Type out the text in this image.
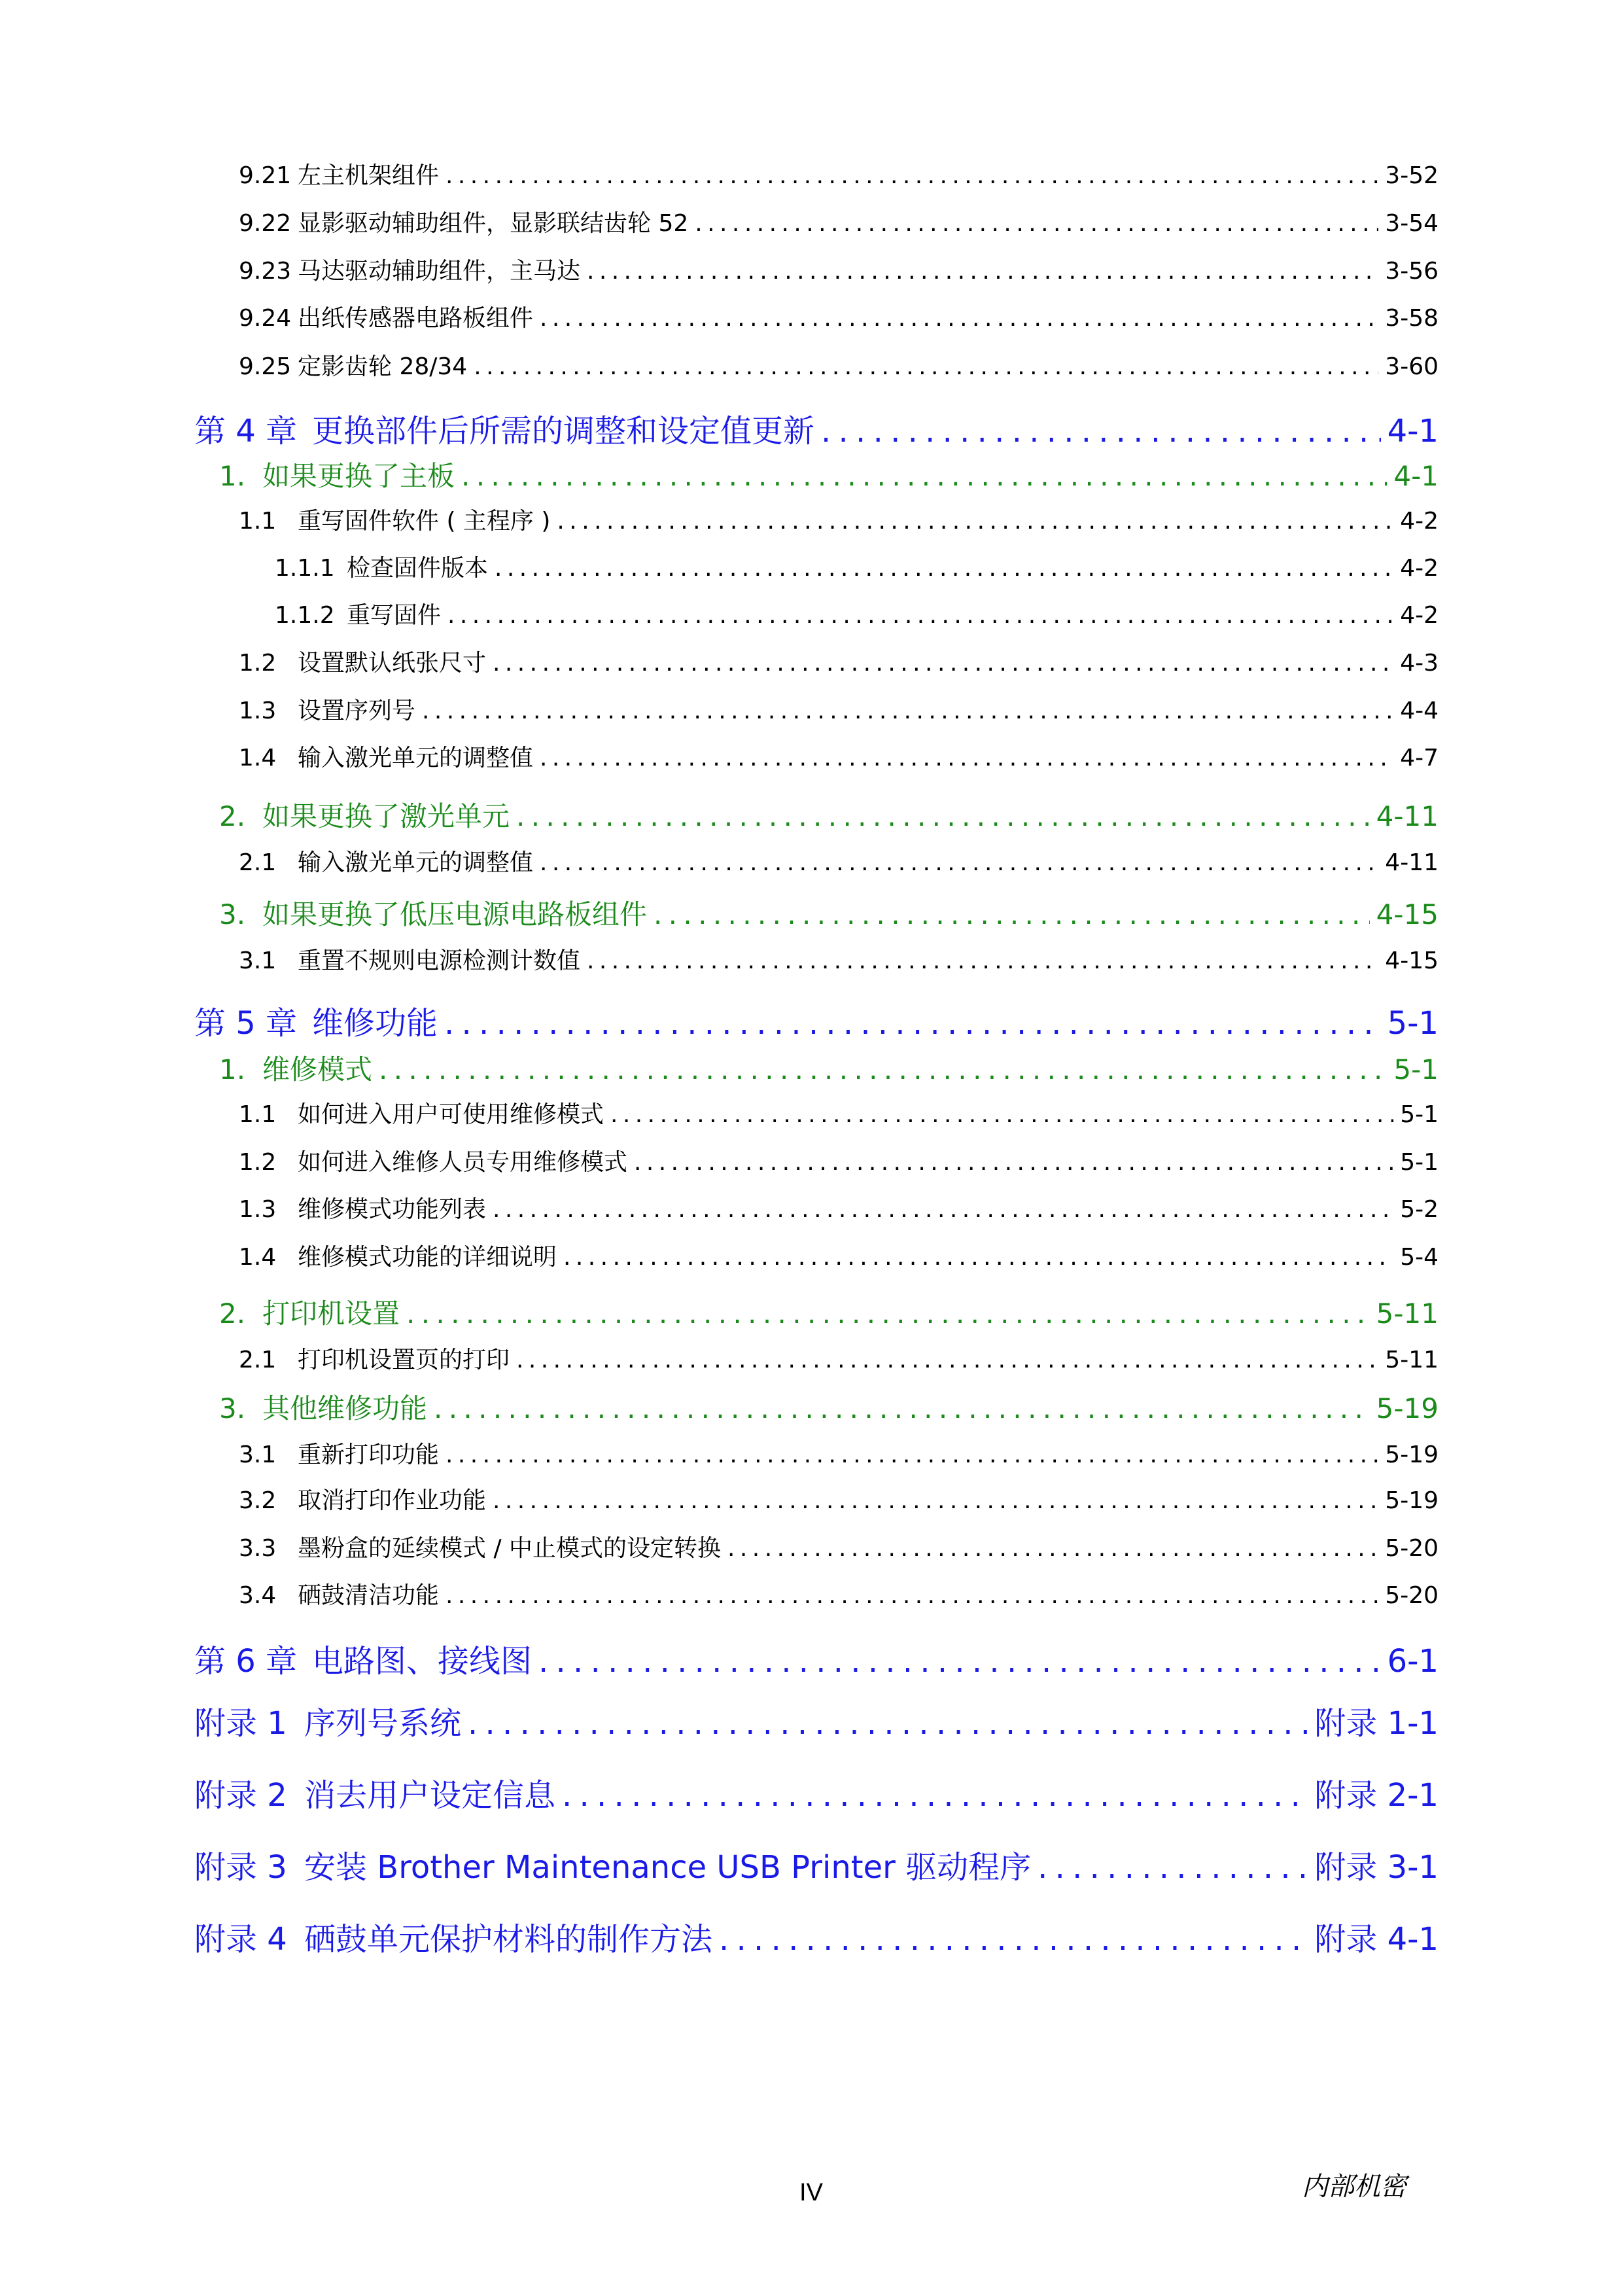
9.21 左主机架组件 . . .	3-52
9.22 显影驱动辅助组件，显影联结齿轮 52 . . .	3-54
9.23 马达驱动辅助组件，主马达 . . .	3-56
9.24 出纸传感器电路板组件 . . .	3-58
9.25 定影齿轮 28/34 . . .	3-60
第 4 章 更换部件后所需的调整和设定值更新 . . .	4-1
1. 如果更换了主板 . . .	4-1
1.1 重写固件软件 ( 主程序 ) . . .	4-2
1.1.1 检查固件版本 . . .	4-2
1.1.2 重写固件 . . .	4-2
1.2 设置默认纸张尺寸 . . .	4-3
1.3 设置序列号 . . .	4-4
1.4 输入激光单元的调整值 . . .	4-7
2. 如果更换了激光单元 . . .	4-11
2.1 输入激光单元的调整值 . . .	4-11
3. 如果更换了低压电源电路板组件 . . .	4-15
3.1 重置不规则电源检测计数值 . . .	4-15
第 5 章 维修功能 . . .	5-1
1. 维修模式 . . .	5-1
1.1 如何进入用户可使用维修模式 . . .	5-1
1.2 如何进入维修人员专用维修模式 . . .	5-1
1.3 维修模式功能列表 . . .	5-2
1.4 维修模式功能的详细说明 . . .	5-4
2. 打印机设置 . . .	5-11
2.1 打印机设置页的打印 . . .	5-11
3. 其他维修功能 . . .	5-19
3.1 重新打印功能 . . .	5-19
3.2 取消打印作业功能 . . .	5-19
3.3 墨粉盒的延续模式 / 中止模式的设定转换 . . .	5-20
3.4 硒鼓清洁功能 . . .	5-20
第 6 章 电路图、接线图 . . .	6-1
附录 1 序列号系统 . . .	附录 1-1
附录 2 消去用户设定信息 . . .	附录 2-1
附录 3 安装 Brother Maintenance USB Printer 驱动程序 . . .	附录 3-1
附录 4 硒鼓单元保护材料的制作方法 . . .	附录 4-1
IV	内部机密
